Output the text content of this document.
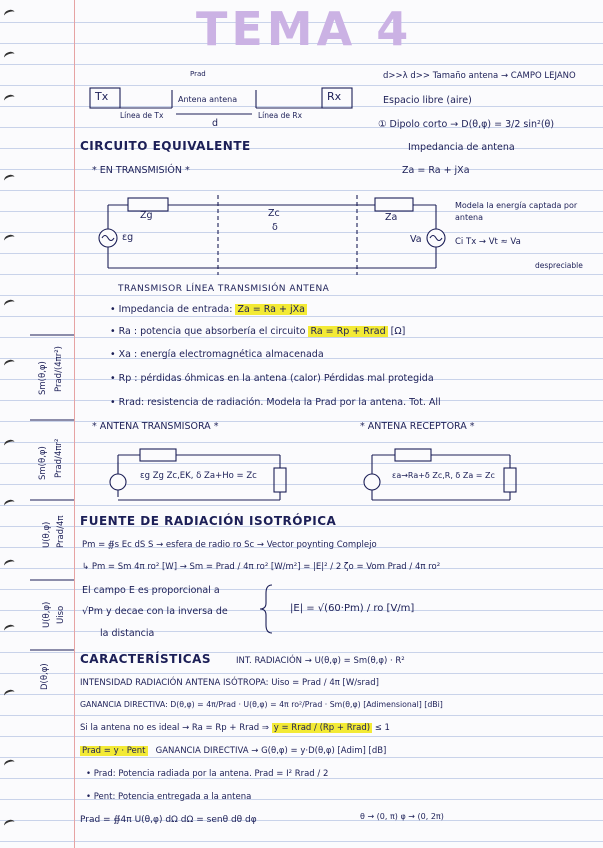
TEMA 4
Tx	Rx
Prad
Antena antena
Línea de Tx	Línea de Rx
d
d>>λ d>> Tamaño antena → CAMPO LEJANO
Espacio libre (aire)
① Dipolo corto → D(θ,φ) = 3/2 sin²(θ)
CIRCUITO EQUIVALENTE	Impedancia de antena
* EN TRANSMISIÓN *	Za = Ra + jXa
Modela la energía captada por antena
Ci Tx → Vt ≈ Va
despreciable
εg
Zg	Zc
δ
Za
Va
TRANSMISOR LÍNEA TRANSMISIÓN ANTENA
• Impedancia de entrada: Za = Ra + jXa
• Ra : potencia que absorbería el circuito Ra = Rp + Rrad [Ω]
• Xa : energía electromagnética almacenada
• Rp : pérdidas óhmicas en la antena (calor) Pérdidas mal protegida
• Rrad: resistencia de radiación. Modela la Prad por la antena. Tot. All
* ANTENA TRANSMISORA *	* ANTENA RECEPTORA *
εg Zg Zc,EK, δ Za+Ho = Zc	εa→Ra+δ Zc,R, δ Za = Zc
FUENTE DE RADIACIÓN ISOTRÓPICA
Pm = ∯s Ec dS S → esfera de radio ro Sc → Vector poynting Complejo
↳ Pm = Sm 4π ro² [W] → Sm = Prad / 4π ro² [W/m²] = |E|² / 2 ζo = Vom Prad / 4π ro²
El campo E es proporcional a
√Pm y decae con la inversa de
la distancia
|E| = √(60·Pm) / ro [V/m]
CARACTERÍSTICAS	INT. RADIACIÓN → U(θ,φ) = Sm(θ,φ) · R²
INTENSIDAD RADIACIÓN ANTENA ISÓTROPA: Uiso = Prad / 4π [W/srad]
GANANCIA DIRECTIVA: D(θ,φ) = 4π/Prad · U(θ,φ) = 4π ro²/Prad · Sm(θ,φ) [Adimensional] [dBi]
Si la antena no es ideal → Ra = Rp + Rrad ⇒ y = Rrad / (Rp + Rrad) ≤ 1
Prad = y · Pent GANANCIA DIRECTIVA → G(θ,φ) = y·D(θ,φ) [Adim] [dB]
• Prad: Potencia radiada por la antena. Prad = I² Rrad / 2
• Pent: Potencia entregada a la antena
Prad = ∯4π U(θ,φ) dΩ dΩ = senθ dθ dφ	θ → (0, π) φ → (0, 2π)
Sm(θ,φ) Prad/(4πr²)
Sm(θ,φ) Prad/4πr²
U(θ,φ) Prad/4π
U(θ,φ) Uiso
D(θ,φ)
